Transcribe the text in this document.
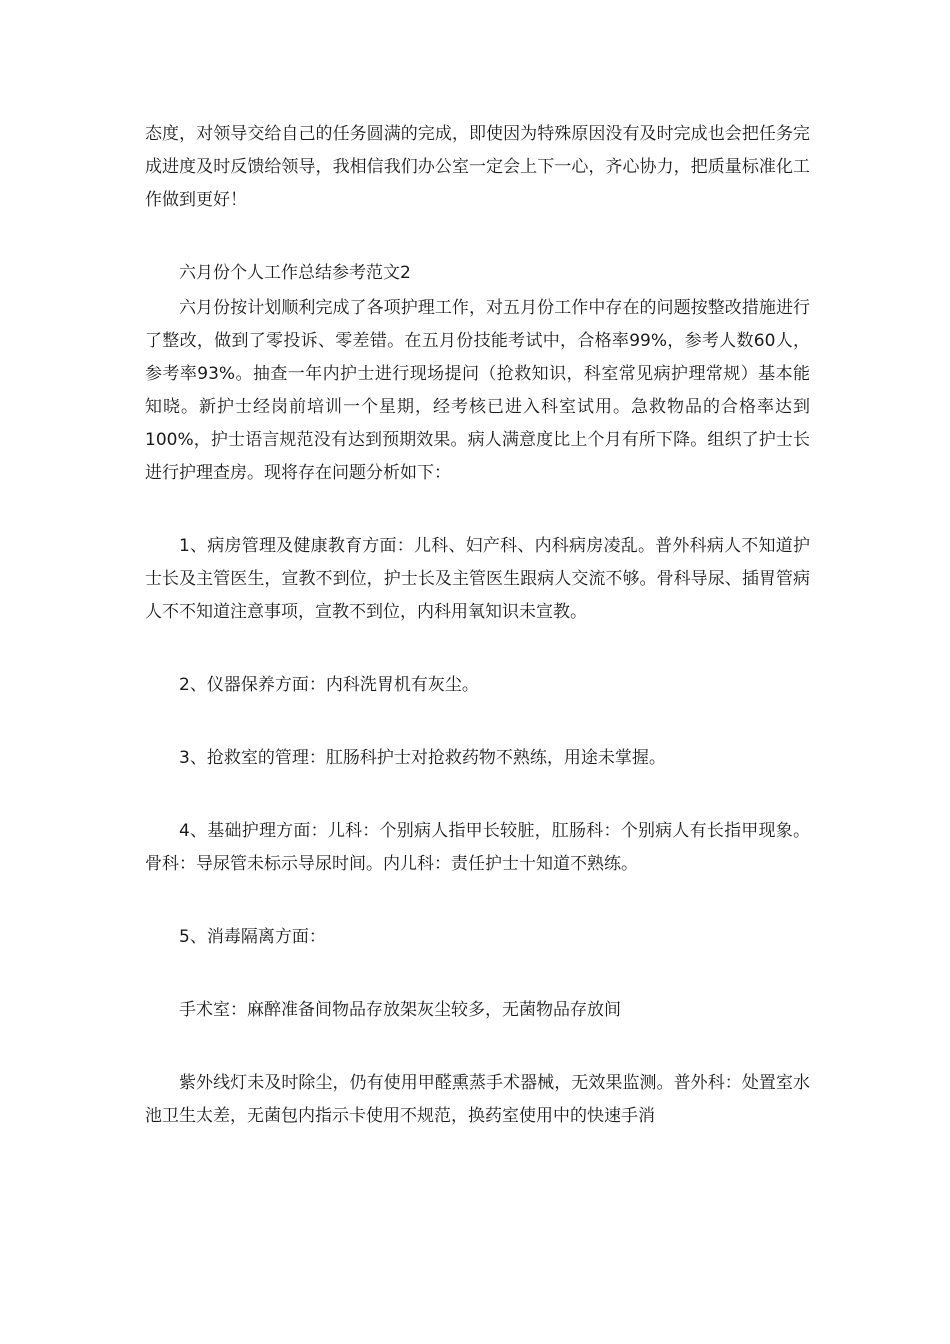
态度，对领导交给自己的任务圆满的完成，即使因为特殊原因没有及时完成也会把任务完成进度及时反馈给领导，我相信我们办公室一定会上下一心，齐心协力，把质量标准化工作做到更好！

六月份个人工作总结参考范文2

六月份按计划顺利完成了各项护理工作，对五月份工作中存在的问题按整改措施进行了整改，做到了零投诉、零差错。在五月份技能考试中，合格率99%，参考人数60人，参考率93%。抽查一年内护士进行现场提问（抢救知识，科室常见病护理常规）基本能知晓。新护士经岗前培训一个星期，经考核已进入科室试用。急救物品的合格率达到100%，护士语言规范没有达到预期效果。病人满意度比上个月有所下降。组织了护士长进行护理查房。现将存在问题分析如下：

1、病房管理及健康教育方面：儿科、妇产科、内科病房凌乱。普外科病人不知道护士长及主管医生，宣教不到位，护士长及主管医生跟病人交流不够。骨科导尿、插胃管病人不不知道注意事项，宣教不到位，内科用氧知识未宣教。

2、仪器保养方面：内科洗胃机有灰尘。

3、抢救室的管理：肛肠科护士对抢救药物不熟练，用途未掌握。

4、基础护理方面：儿科：个别病人指甲长较脏，肛肠科：个别病人有长指甲现象。骨科：导尿管未标示导尿时间。内儿科：责任护士十知道不熟练。

5、消毒隔离方面：

手术室：麻醉准备间物品存放架灰尘较多，无菌物品存放间

紫外线灯未及时除尘，仍有使用甲醛熏蒸手术器械，无效果监测。普外科：处置室水池卫生太差，无菌包内指示卡使用不规范，换药室使用中的快速手消
